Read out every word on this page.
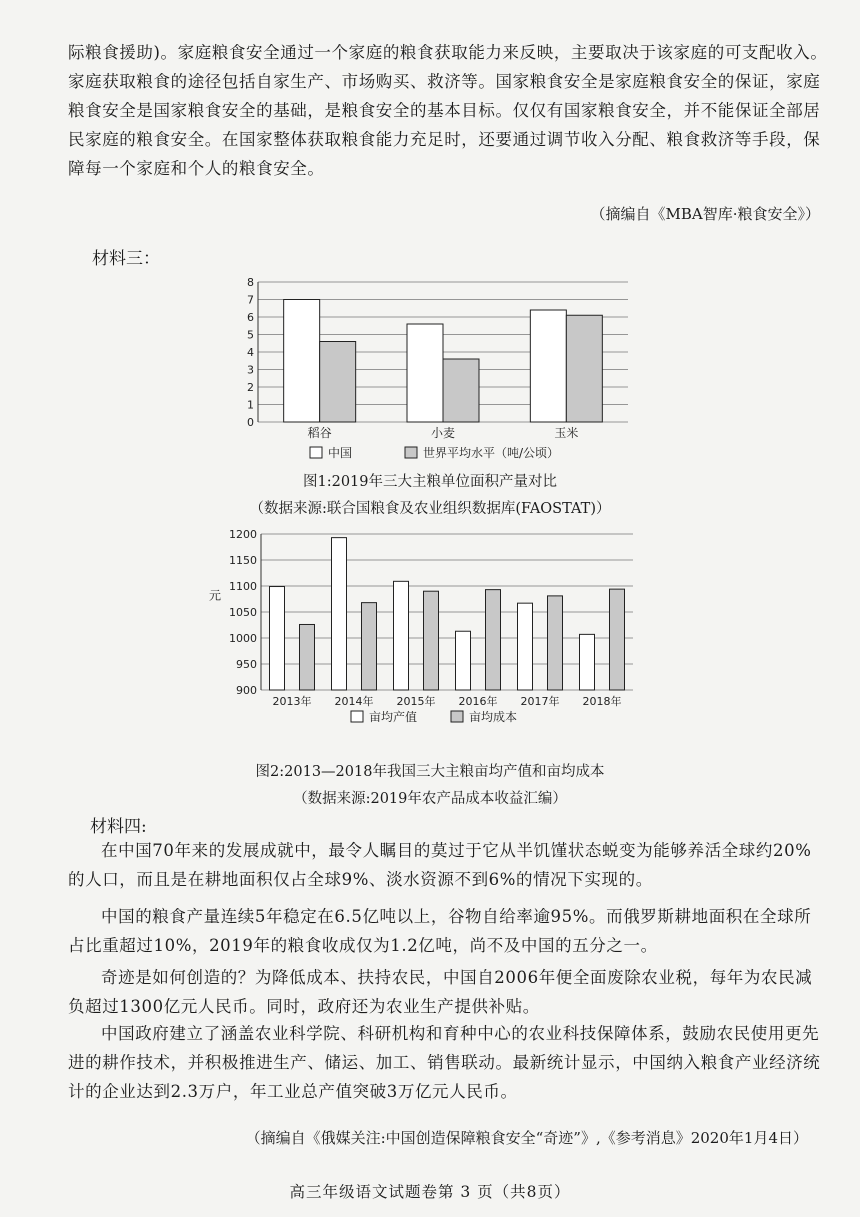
际粮食援助)。家庭粮食安全通过一个家庭的粮食获取能力来反映，主要取决于该家庭的可支配收入。家庭获取粮食的途径包括自家生产、市场购买、救济等。国家粮食安全是家庭粮食安全的保证，家庭粮食安全是国家粮食安全的基础，是粮食安全的基本目标。仅仅有国家粮食安全，并不能保证全部居民家庭的粮食安全。在国家整体获取粮食能力充足时，还要通过调节收入分配、粮食救济等手段，保障每一个家庭和个人的粮食安全。

（摘编自《MBA智库·粮食安全》）
材料三：
0
1
2
3
4
5
6
7
8
稻谷	小麦	玉米
中国	世界平均水平（吨/公顷）
图1:2019年三大主粮单位面积产量对比
（数据来源:联合国粮食及农业组织数据库(FAOSTAT)）
900
950
1000
1050
1100
1150
1200
元
2013年 2014年 2015年 2016年 2017年 2018年
亩均产值	亩均成本
图2:2013—2018年我国三大主粮亩均产值和亩均成本
（数据来源:2019年农产品成本收益汇编）
材料四:

在中国70年来的发展成就中，最令人瞩目的莫过于它从半饥馑状态蜕变为能够养活全球约20%的人口，而且是在耕地面积仅占全球9%、淡水资源不到6%的情况下实现的。

中国的粮食产量连续5年稳定在6.5亿吨以上，谷物自给率逾95%。而俄罗斯耕地面积在全球所占比重超过10%，2019年的粮食收成仅为1.2亿吨，尚不及中国的五分之一。

奇迹是如何创造的？为降低成本、扶持农民，中国自2006年便全面废除农业税，每年为农民减负超过1300亿元人民币。同时，政府还为农业生产提供补贴。

中国政府建立了涵盖农业科学院、科研机构和育种中心的农业科技保障体系，鼓励农民使用更先进的耕作技术，并积极推进生产、储运、加工、销售联动。最新统计显示，中国纳入粮食产业经济统计的企业达到2.3万户，年工业总产值突破3万亿元人民币。

（摘编自《俄媒关注:中国创造保障粮食安全“奇迹”》,《参考消息》2020年1月4日）
高三年级语文试题卷第 3 页（共8页）
